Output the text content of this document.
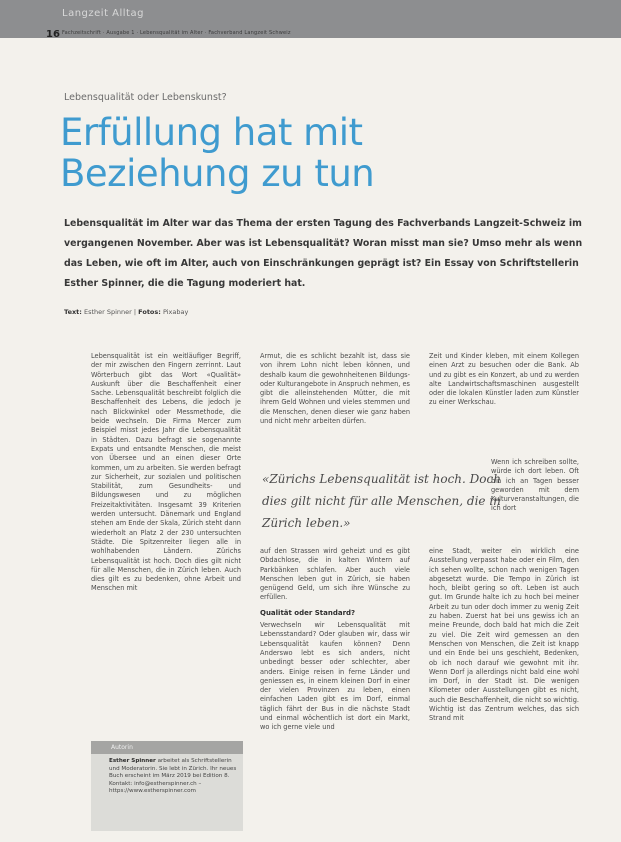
Langzeit Alltag
16 Fachzeitschrift · Ausgabe 1 · Lebensqualität im Alter · Fachverband Langzeit Schweiz
Lebensqualität oder Lebenskunst?
Erfüllung hat mit
Beziehung zu tun

Lebensqualität im Alter war das Thema der ersten Tagung des Fachverbands Langzeit-Schweiz im vergangenen November. Aber was ist Lebensqualität? Woran misst man sie? Umso mehr als wenn das Leben, wie oft im Alter, auch von Einschränkungen geprägt ist? Ein Essay von Schriftstellerin Esther Spinner, die die Tagung moderiert hat.

Text: Esther Spinner | Fotos: Pixabay

Lebensqualität ist ein weitläufiger Begriff, der mir zwischen den Fingern zerrinnt. Laut Wörterbuch gibt das Wort «Qualität» Auskunft über die Beschaffenheit einer Sache. Lebensqualität beschreibt folglich die Beschaffenheit des Lebens, die jedoch je nach Blickwinkel oder Messmethode, die beide wechseln. Die Firma Mercer zum Beispiel misst jedes Jahr die Lebensqualität in Städten. Dazu befragt sie sogenannte Expats und entsandte Menschen, die meist von Übersee und an einen dieser Orte kommen, um zu arbeiten. Sie werden befragt zur Sicherheit, zur sozialen und politischen Stabilität, zum Gesundheits- und Bildungswesen und zu möglichen Freizeitaktivitäten. Insgesamt 39 Kriterien werden untersucht. Dänemark und England stehen am Ende der Skala, Zürich steht dann wiederholt an Platz 2 der 230 untersuchten Städte. Die Spitzenreiter liegen alle in wohlhabenden Ländern. Zürichs Lebensqualität ist hoch. Doch dies gilt nicht für alle Menschen, die in Zürich leben. Auch dies gilt es zu bedenken, ohne Arbeit und Menschen mit

Armut, die es schlicht bezahlt ist, dass sie von ihrem Lohn nicht leben können, und deshalb kaum die gewohnheitenen Bildungs- oder Kulturangebote in Anspruch nehmen, es gibt die alleinstehenden Mütter, die mit ihrem Geld Wohnen und vieles stemmen und die Menschen, denen dieser wie ganz haben und nicht mehr arbeiten dürfen.

auf den Strassen wird geheizt und es gibt Obdachlose, die in kalten Wintern auf Parkbänken schlafen. Aber auch viele Menschen leben gut in Zürich, sie haben genügend Geld, um sich ihre Wünsche zu erfüllen.

Qualität oder Standard?

Verwechseln wir Lebensqualität mit Lebensstandard? Oder glauben wir, dass wir Lebensqualität kaufen können? Denn Anderswo lebt es sich anders, nicht unbedingt besser oder schlechter, aber anders. Einige reisen in ferne Länder und geniessen es, in einem kleinen Dorf in einer der vielen Provinzen zu leben, einen einfachen Laden gibt es im Dorf, einmal täglich fährt der Bus in die nächste Stadt und einmal wöchentlich ist dort ein Markt, wo ich gerne viele und

Zeit und Kinder kleben, mit einem Kollegen einen Arzt zu besuchen oder die Bank. Ab und zu gibt es ein Konzert, ab und zu werden alte Landwirtschaftsmaschinen ausgestellt oder die lokalen Künstler laden zum Künstler zu einer Werkschau.

Wenn ich schreiben sollte, würde ich dort leben. Oft bin ich an Tagen besser geworden mit dem Kulturveranstaltungen, die ich dort

eine Stadt, weiter ein wirklich eine Ausstellung verpasst habe oder ein Film, den ich sehen wollte, schon nach wenigen Tagen abgesetzt wurde. Die Tempo in Zürich ist hoch, bleibt gering so oft. Leben ist auch gut. Im Grunde halte ich zu hoch bei meiner Arbeit zu tun oder doch immer zu wenig Zeit zu haben. Zuerst hat bei uns gewiss ich an meine Freunde, doch bald hat mich die Zeit zu viel. Die Zeit wird gemessen an den Menschen von Menschen, die Zeit ist knapp und ein Ende bei uns geschieht, Bedenken, ob ich noch darauf wie gewohnt mit ihr. Wenn Dorf ja allerdings nicht bald eine wohl im Dorf, in der Stadt ist. Die wenigen Kilometer oder Ausstellungen gibt es nicht, auch die Beschaffenheit, die nicht so wichtig. Wichtig ist das Zentrum welches, das sich Strand mit

«Zürichs Lebensqualität ist hoch. Doch dies gilt nicht für alle Menschen, die in Zürich leben.»

Autorin
Esther Spinner arbeitet als Schriftstellerin und Moderatorin. Sie lebt in Zürich. Ihr neues Buch erscheint im März 2019 bei Edition 8. Kontakt: info@estherspinner.ch – https://www.estherspinner.com
